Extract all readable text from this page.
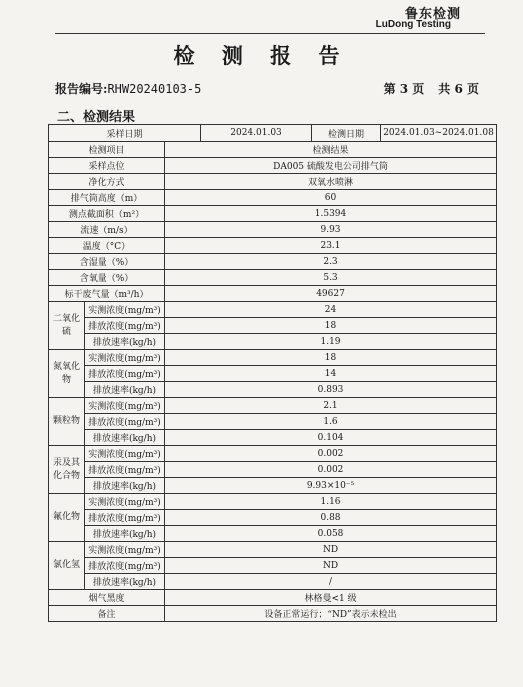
鲁东检测
LuDong Testing
检 测 报 告
报告编号:RHW20240103-5	第 3 页 共 6 页
二、检测结果
采样日期			2024.01.03	检测日期	2024.01.03~2024.01.08
检测项目		检测结果			
采样点位		DA005 硫酸发电公司排气筒			
净化方式		双氧水喷淋			
排气筒高度（m）		60			
测点截面积（m²）		1.5394			
流速（m/s）		9.93			
温度（°C）		23.1			
含湿量（%）		2.3			
含氧量（%）		5.3			
标干废气量（m³/h）		49627			
二氧化硫	实测浓度(mg/m³)	24			
	排放浓度(mg/m³)	18			
	排放速率(kg/h)	1.19			
氮氧化物	实测浓度(mg/m³)	18			
	排放浓度(mg/m³)	14			
	排放速率(kg/h)	0.893			
颗粒物	实测浓度(mg/m³)	2.1			
	排放浓度(mg/m³)	1.6			
	排放速率(kg/h)	0.104			
汞及其化合物	实测浓度(mg/m³)	0.002			
	排放浓度(mg/m³)	0.002			
	排放速率(kg/h)	9.93×10⁻⁵			
氟化物	实测浓度(mg/m³)	1.16			
	排放浓度(mg/m³)	0.88			
	排放速率(kg/h)	0.058			
氯化氢	实测浓度(mg/m³)	ND			
	排放浓度(mg/m³)	ND			
	排放速率(kg/h)	/			
烟气黑度		林格曼<1 级			
备注		设备正常运行；“ND”表示未检出			
